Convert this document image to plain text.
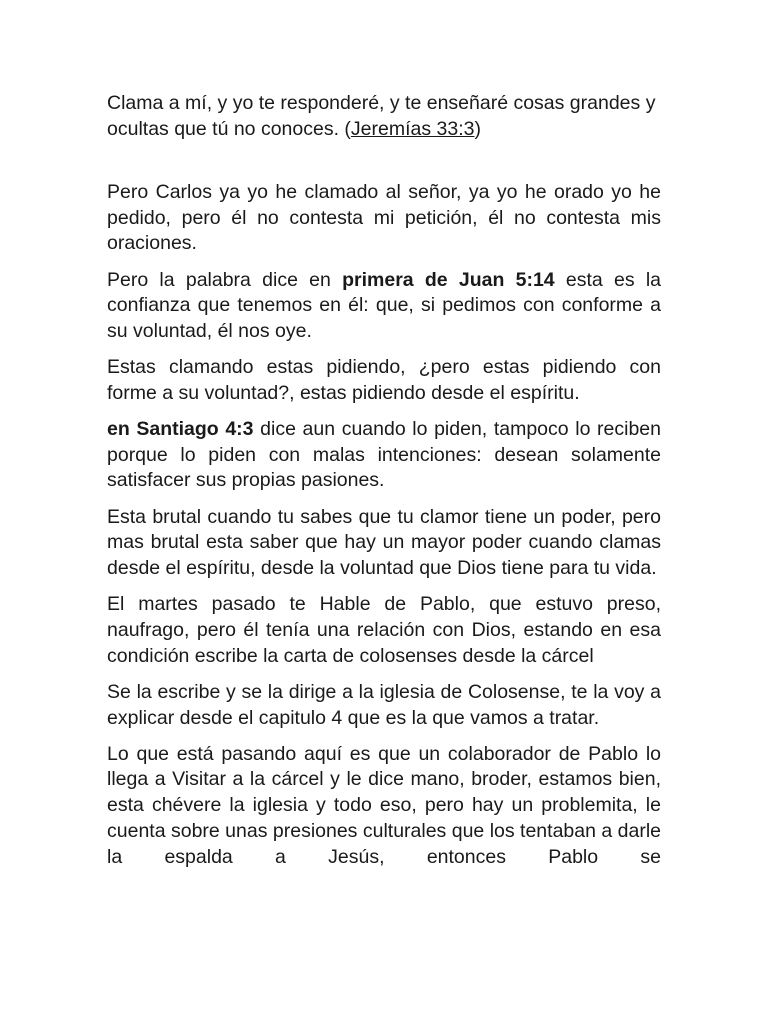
Clama a mí, y yo te responderé, y te enseñaré cosas grandes y ocultas que tú no conoces. (Jeremías 33:3)

Pero Carlos ya yo he clamado al señor, ya yo he orado yo he pedido, pero él no contesta mi petición, él no contesta mis oraciones.

Pero la palabra dice en primera de Juan 5:14 esta es la confianza que tenemos en él: que, si pedimos con conforme a su voluntad, él nos oye.

Estas clamando estas pidiendo, ¿pero estas pidiendo con forme a su voluntad?, estas pidiendo desde el espíritu.

en Santiago 4:3 dice aun cuando lo piden, tampoco lo reciben porque lo piden con malas intenciones: desean solamente satisfacer sus propias pasiones.

Esta brutal cuando tu sabes que tu clamor tiene un poder, pero mas brutal esta saber que hay un mayor poder cuando clamas desde el espíritu, desde la voluntad que Dios tiene para tu vida.

El martes pasado te Hable de Pablo, que estuvo preso, naufrago, pero él tenía una relación con Dios, estando en esa condición escribe la carta de colosenses desde la cárcel

Se la escribe y se la dirige a la iglesia de Colosense, te la voy a explicar desde el capitulo 4 que es la que vamos a tratar.

Lo que está pasando aquí es que un colaborador de Pablo lo llega a Visitar a la cárcel y le dice mano, broder, estamos bien, esta chévere la iglesia y todo eso, pero hay un problemita, le cuenta sobre unas presiones culturales que los tentaban a darle la espalda a Jesús, entonces Pablo se
